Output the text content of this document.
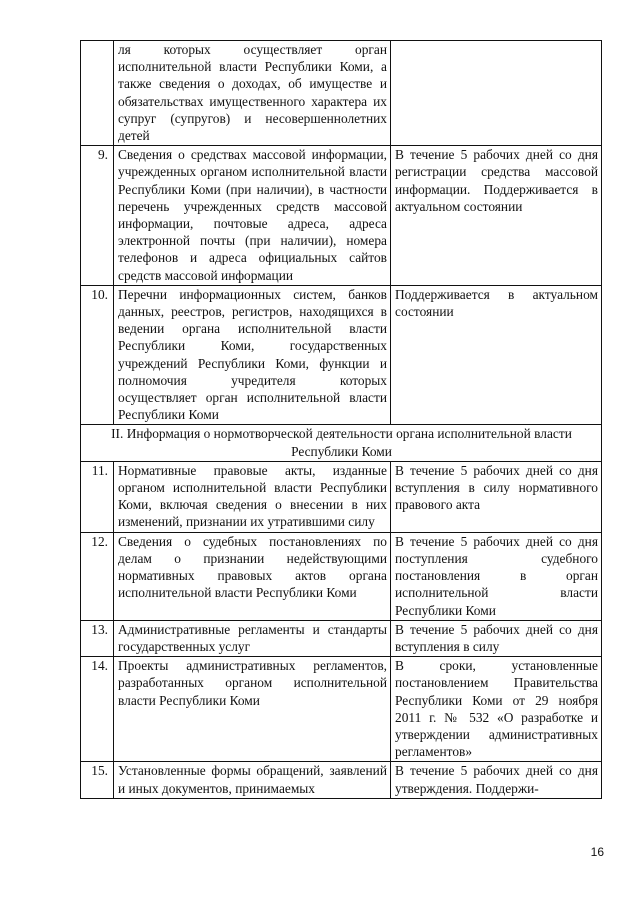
	ля которых осуществляет орган исполнительной власти Республики Коми, а также сведения о доходах, об имуществе и обязательствах имущественного характера их супруг (супругов) и несовершеннолетних детей	
9.	Сведения о средствах массовой информации, учрежденных органом исполнительной власти Республики Коми (при наличии), в частности перечень учрежденных средств массовой информации, почтовые адреса, адреса электронной почты (при наличии), номера телефонов и адреса официальных сайтов средств массовой информации	В течение 5 рабочих дней со дня регистрации средства массовой информации. Поддерживается в актуальном состоянии
10.	Перечни информационных систем, банков данных, реестров, регистров, находящихся в ведении органа исполнительной власти Республики Коми, государственных учреждений Республики Коми, функции и полномочия учредителя которых осуществляет орган исполнительной власти Республики Коми	Поддерживается в актуальном состоянии
II. Информация о нормотворческой деятельности органа исполнительной власти Республики Коми		
11.	Нормативные правовые акты, изданные органом исполнительной власти Республики Коми, включая сведения о внесении в них изменений, признании их утратившими силу	В течение 5 рабочих дней со дня вступления в силу нормативного правового акта
12.	Сведения о судебных постановлениях по делам о признании недействующими нормативных правовых актов органа исполнительной власти Республики Коми	В течение 5 рабочих дней со дня поступления судебного постановления в орган исполнительной власти Республики Коми
13.	Административные регламенты и стандарты государственных услуг	В течение 5 рабочих дней со дня вступления в силу
14.	Проекты административных регламентов, разработанных органом исполнительной власти Республики Коми	В сроки, установленные постановлением Правительства Республики Коми от 29 ноября 2011 г. № 532 «О разработке и утверждении административных регламентов»
15.	Установленные формы обращений, заявлений и иных документов, принимаемых	В течение 5 рабочих дней со дня утверждения. Поддержи-
16
